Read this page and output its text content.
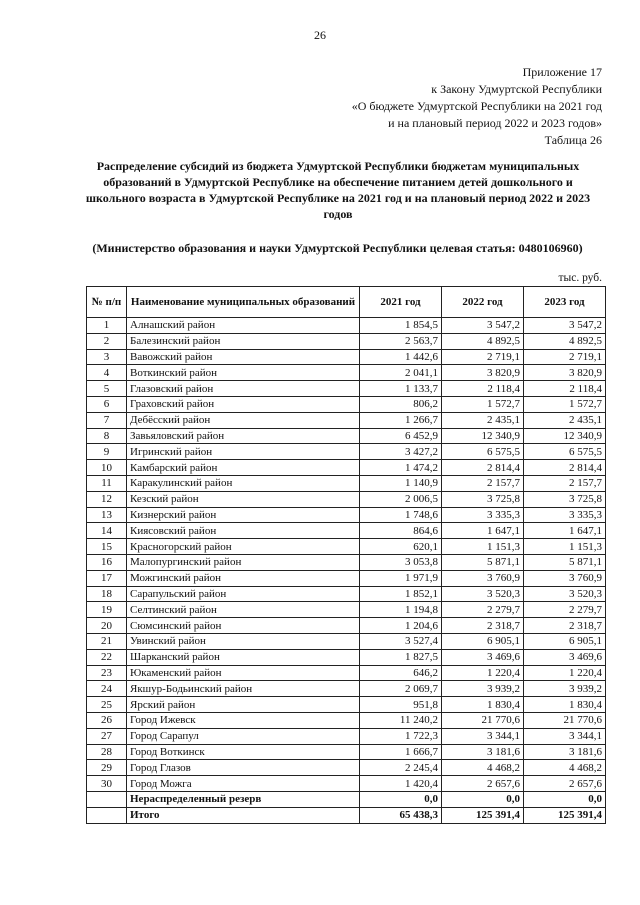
26
Приложение 17
к Закону Удмуртской Республики
«О бюджете Удмуртской Республики на 2021 год
и на плановый период 2022 и 2023 годов»
Таблица 26
Распределение субсидий из бюджета Удмуртской Республики бюджетам муниципальных образований в Удмуртской Республике на обеспечение питанием детей дошкольного и школьного возраста в Удмуртской Республике на 2021 год и на плановый период 2022 и 2023 годов
(Министерство образования и науки Удмуртской Республики целевая статья: 0480106960)
тыс. руб.
№ п/п	Наименование муниципальных образований	2021 год	2022 год	2023 год
1	Алнашский район	1 854,5	3 547,2	3 547,2
2	Балезинский район	2 563,7	4 892,5	4 892,5
3	Вавожский район	1 442,6	2 719,1	2 719,1
4	Воткинский район	2 041,1	3 820,9	3 820,9
5	Глазовский район	1 133,7	2 118,4	2 118,4
6	Граховский район	806,2	1 572,7	1 572,7
7	Дебёсский район	1 266,7	2 435,1	2 435,1
8	Завьяловский район	6 452,9	12 340,9	12 340,9
9	Игринский район	3 427,2	6 575,5	6 575,5
10	Камбарский район	1 474,2	2 814,4	2 814,4
11	Каракулинский район	1 140,9	2 157,7	2 157,7
12	Кезский район	2 006,5	3 725,8	3 725,8
13	Кизнерский район	1 748,6	3 335,3	3 335,3
14	Киясовский район	864,6	1 647,1	1 647,1
15	Красногорский район	620,1	1 151,3	1 151,3
16	Малопургинский район	3 053,8	5 871,1	5 871,1
17	Можгинский район	1 971,9	3 760,9	3 760,9
18	Сарапульский район	1 852,1	3 520,3	3 520,3
19	Селтинский район	1 194,8	2 279,7	2 279,7
20	Сюмсинский район	1 204,6	2 318,7	2 318,7
21	Увинский район	3 527,4	6 905,1	6 905,1
22	Шарканский район	1 827,5	3 469,6	3 469,6
23	Юкаменский район	646,2	1 220,4	1 220,4
24	Якшур-Бодьинский район	2 069,7	3 939,2	3 939,2
25	Ярский район	951,8	1 830,4	1 830,4
26	Город Ижевск	11 240,2	21 770,6	21 770,6
27	Город Сарапул	1 722,3	3 344,1	3 344,1
28	Город Воткинск	1 666,7	3 181,6	3 181,6
29	Город Глазов	2 245,4	4 468,2	4 468,2
30	Город Можга	1 420,4	2 657,6	2 657,6
	Нераспределенный резерв	0,0	0,0	0,0
	Итого	65 438,3	125 391,4	125 391,4
